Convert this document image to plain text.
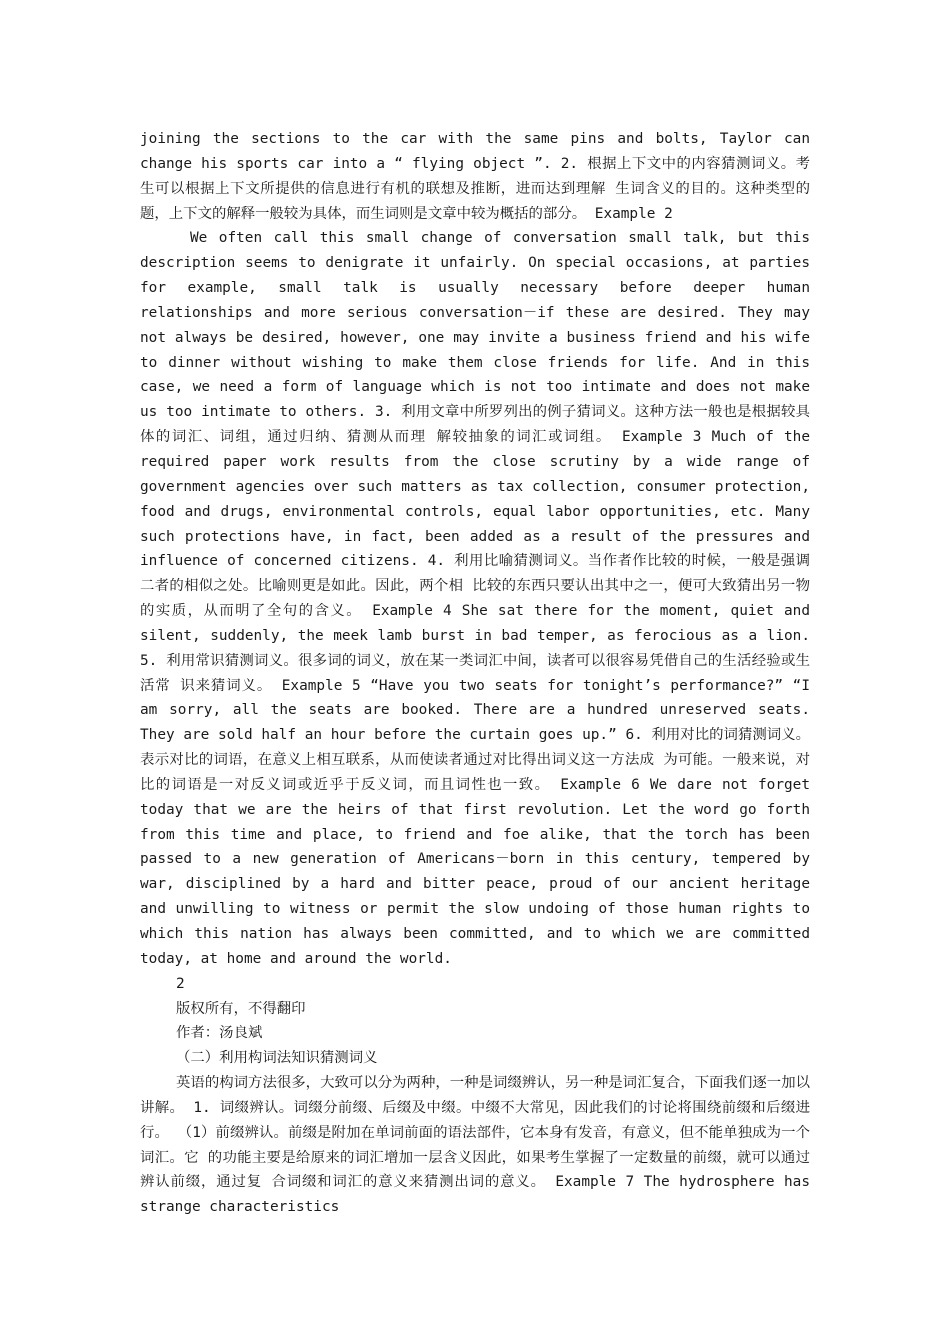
joining the sections to the car with the same pins and bolts, Taylor can change his sports car into a “ flying object ”. 2. 根据上下文中的内容猜测词义。考生可以根据上下文所提供的信息进行有机的联想及推断，进而达到理解 生词含义的目的。这种类型的题，上下文的解释一般较为具体，而生词则是文章中较为概括的部分。 Example 2

We often call this small change of conversation small talk, but this description seems to denigrate it unfairly. On special occasions, at parties for example, small talk is usually necessary before deeper human relationships and more serious conversation－if these are desired. They may not always be desired, however, one may invite a business friend and his wife to dinner without wishing to make them close friends for life. And in this case, we need a form of language which is not too intimate and does not make us too intimate to others. 3. 利用文章中所罗列出的例子猜词义。这种方法一般也是根据较具体的词汇、词组，通过归纳、猜测从而理 解较抽象的词汇或词组。 Example 3 Much of the required paper work results from the close scrutiny by a wide range of government agencies over such matters as tax collection, consumer protection, food and drugs, environmental controls, equal labor opportunities, etc. Many such protections have, in fact, been added as a result of the pressures and influence of concerned citizens. 4. 利用比喻猜测词义。当作者作比较的时候，一般是强调二者的相似之处。比喻则更是如此。因此，两个相 比较的东西只要认出其中之一，便可大致猜出另一物的实质，从而明了全句的含义。 Example 4 She sat there for the moment, quiet and silent, suddenly, the meek lamb burst in bad temper, as ferocious as a lion. 5. 利用常识猜测词义。很多词的词义，放在某一类词汇中间，读者可以很容易凭借自己的生活经验或生活常 识来猜词义。 Example 5 “Have you two seats for tonight’s performance?” “I am sorry, all the seats are booked. There are a hundred unreserved seats. They are sold half an hour before the curtain goes up.” 6. 利用对比的词猜测词义。表示对比的词语，在意义上相互联系，从而使读者通过对比得出词义这一方法成 为可能。一般来说，对比的词语是一对反义词或近乎于反义词，而且词性也一致。 Example 6 We dare not forget today that we are the heirs of that first revolution. Let the word go forth from this time and place, to friend and foe alike, that the torch has been passed to a new generation of Americans－born in this century, tempered by war, disciplined by a hard and bitter peace, proud of our ancient heritage and unwilling to witness or permit the slow undoing of those human rights to which this nation has always been committed, and to which we are committed today, at home and around the world.

2

版权所有，不得翻印

作者：汤良斌

（二）利用构词法知识猜测词义

英语的构词方法很多，大致可以分为两种，一种是词缀辨认，另一种是词汇复合，下面我们逐一加以讲解。 1. 词缀辨认。词缀分前缀、后缀及中缀。中缀不大常见，因此我们的讨论将围绕前缀和后缀进行。 （1）前缀辨认。前缀是附加在单词前面的语法部件，它本身有发音，有意义，但不能单独成为一个词汇。它 的功能主要是给原来的词汇增加一层含义因此，如果考生掌握了一定数量的前缀，就可以通过辨认前缀，通过复 合词缀和词汇的意义来猜测出词的意义。 Example 7 The hydrosphere has strange characteristics
